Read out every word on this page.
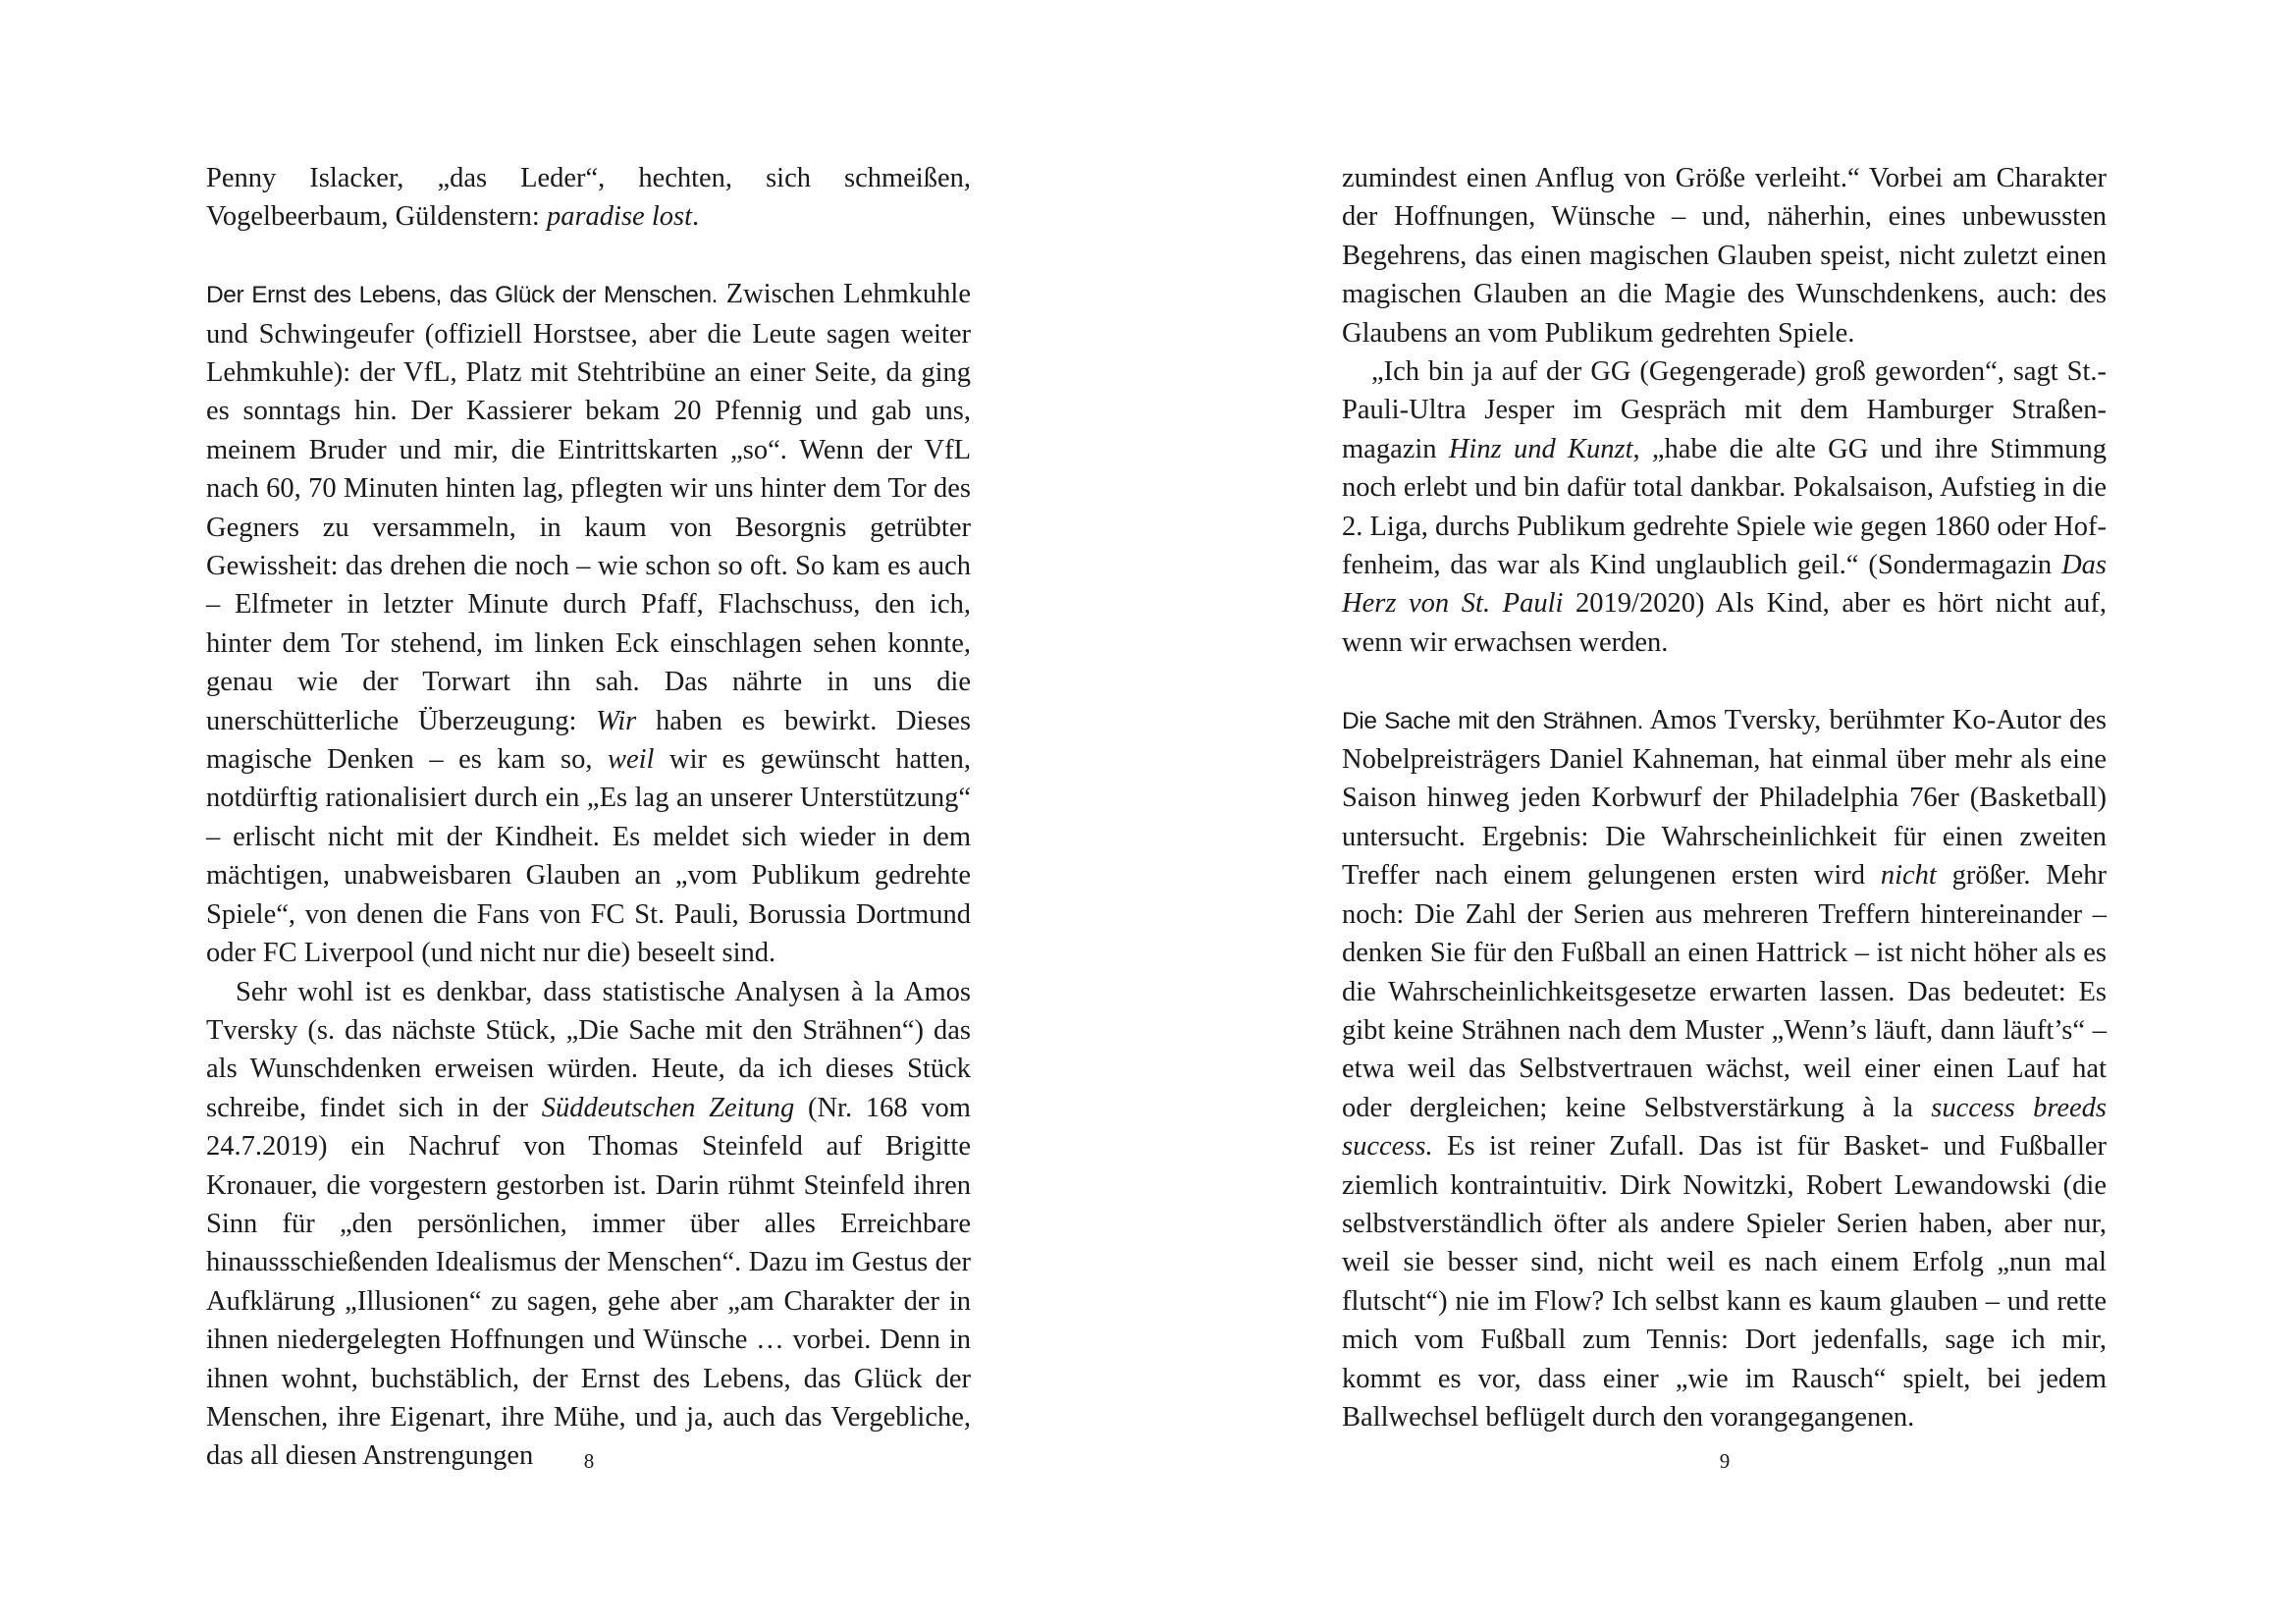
Penny Islacker, „das Leder“, hechten, sich schmeißen, Vogelbeerbaum, Güldenstern: paradise lost.

Der Ernst des Lebens, das Glück der Menschen. Zwischen Lehmkuhle und Schwingeufer (offiziell Horstsee, aber die Leute sagen weiter Lehmkuhle): der VfL, Platz mit Stehtribüne an einer Seite, da ging es sonntags hin. Der Kassierer bekam 20 Pfennig und gab uns, meinem Bruder und mir, die Eintrittskarten „so“. Wenn der VfL nach 60, 70 Minuten hinten lag, pflegten wir uns hinter dem Tor des Gegners zu versammeln, in kaum von Besorgnis getrübter Gewissheit: das drehen die noch – wie schon so oft. So kam es auch – Elfmeter in letzter Minute durch Pfaff, Flachschuss, den ich, hinter dem Tor stehend, im linken Eck einschlagen sehen konnte, genau wie der Torwart ihn sah. Das nährte in uns die unerschütterliche Überzeugung: Wir haben es bewirkt. Dieses magische Denken – es kam so, weil wir es gewünscht hatten, notdürftig rationalisiert durch ein „Es lag an unserer Unterstützung“ – erlischt nicht mit der Kindheit. Es meldet sich wieder in dem mächtigen, unabweisbaren Glauben an „vom Publikum gedrehte Spiele“, von denen die Fans von FC St. Pauli, Borussia Dortmund oder FC Liverpool (und nicht nur die) beseelt sind.

Sehr wohl ist es denkbar, dass statistische Analysen à la Amos Tversky (s. das nächste Stück, „Die Sache mit den Strähnen“) das als Wunschdenken erweisen würden. Heute, da ich dieses Stück schreibe, findet sich in der Süddeutschen Zeitung (Nr. 168 vom 24.7.2019) ein Nachruf von Thomas Steinfeld auf Brigitte Kronauer, die vorgestern gestorben ist. Darin rühmt Steinfeld ihren Sinn für „den persönlichen, immer über alles Erreichbare hinaussschießenden Idealismus der Menschen“. Dazu im Gestus der Aufklärung „Illusionen“ zu sagen, gehe aber „am Charakter der in ihnen niedergelegten Hoffnungen und Wünsche … vorbei. Denn in ihnen wohnt, buchstäblich, der Ernst des Lebens, das Glück der Menschen, ihre Eigenart, ihre Mühe, und ja, auch das Vergebliche, das all diesen Anstrengungen	8

zumindest einen Anflug von Größe verleiht.“ Vorbei am Charakter der Hoffnungen, Wünsche – und, näherhin, eines unbewussten Begehrens, das einen magischen Glauben speist, nicht zuletzt einen magischen Glauben an die Magie des Wunschdenkens, auch: des Glaubens an vom Publikum gedrehten Spiele.

„Ich bin ja auf der GG (Gegengerade) groß geworden“, sagt St.-Pauli-Ultra Jesper im Gespräch mit dem Hamburger Straßenmagazin Hinz und Kunzt, „habe die alte GG und ihre Stimmung noch erlebt und bin dafür total dankbar. Pokalsaison, Aufstieg in die 2. Liga, durchs Publikum gedrehte Spiele wie gegen 1860 oder Hoffenheim, das war als Kind unglaublich geil.“ (Sondermagazin Das Herz von St. Pauli 2019/2020) Als Kind, aber es hört nicht auf, wenn wir erwachsen werden.

Die Sache mit den Strähnen. Amos Tversky, berühmter Ko-Autor des Nobelpreisträgers Daniel Kahneman, hat einmal über mehr als eine Saison hinweg jeden Korbwurf der Philadelphia 76er (Basketball) untersucht. Ergebnis: Die Wahrscheinlichkeit für einen zweiten Treffer nach einem gelungenen ersten wird nicht größer. Mehr noch: Die Zahl der Serien aus mehreren Treffern hintereinander – denken Sie für den Fußball an einen Hattrick – ist nicht höher als es die Wahrscheinlichkeitsgesetze erwarten lassen. Das bedeutet: Es gibt keine Strähnen nach dem Muster „Wenn’s läuft, dann läuft’s“ – etwa weil das Selbstvertrauen wächst, weil einer einen Lauf hat oder dergleichen; keine Selbstverstärkung à la success breeds success. Es ist reiner Zufall. Das ist für Basket- und Fußballer ziemlich kontraintuitiv. Dirk Nowitzki, Robert Lewandowski (die selbstverständlich öfter als andere Spieler Serien haben, aber nur, weil sie besser sind, nicht weil es nach einem Erfolg „nun mal flutscht“) nie im Flow? Ich selbst kann es kaum glauben – und rette mich vom Fußball zum Tennis: Dort jedenfalls, sage ich mir, kommt es vor, dass einer „wie im Rausch“ spielt, bei jedem Ballwechsel beflügelt durch den vorangegangenen.

9
